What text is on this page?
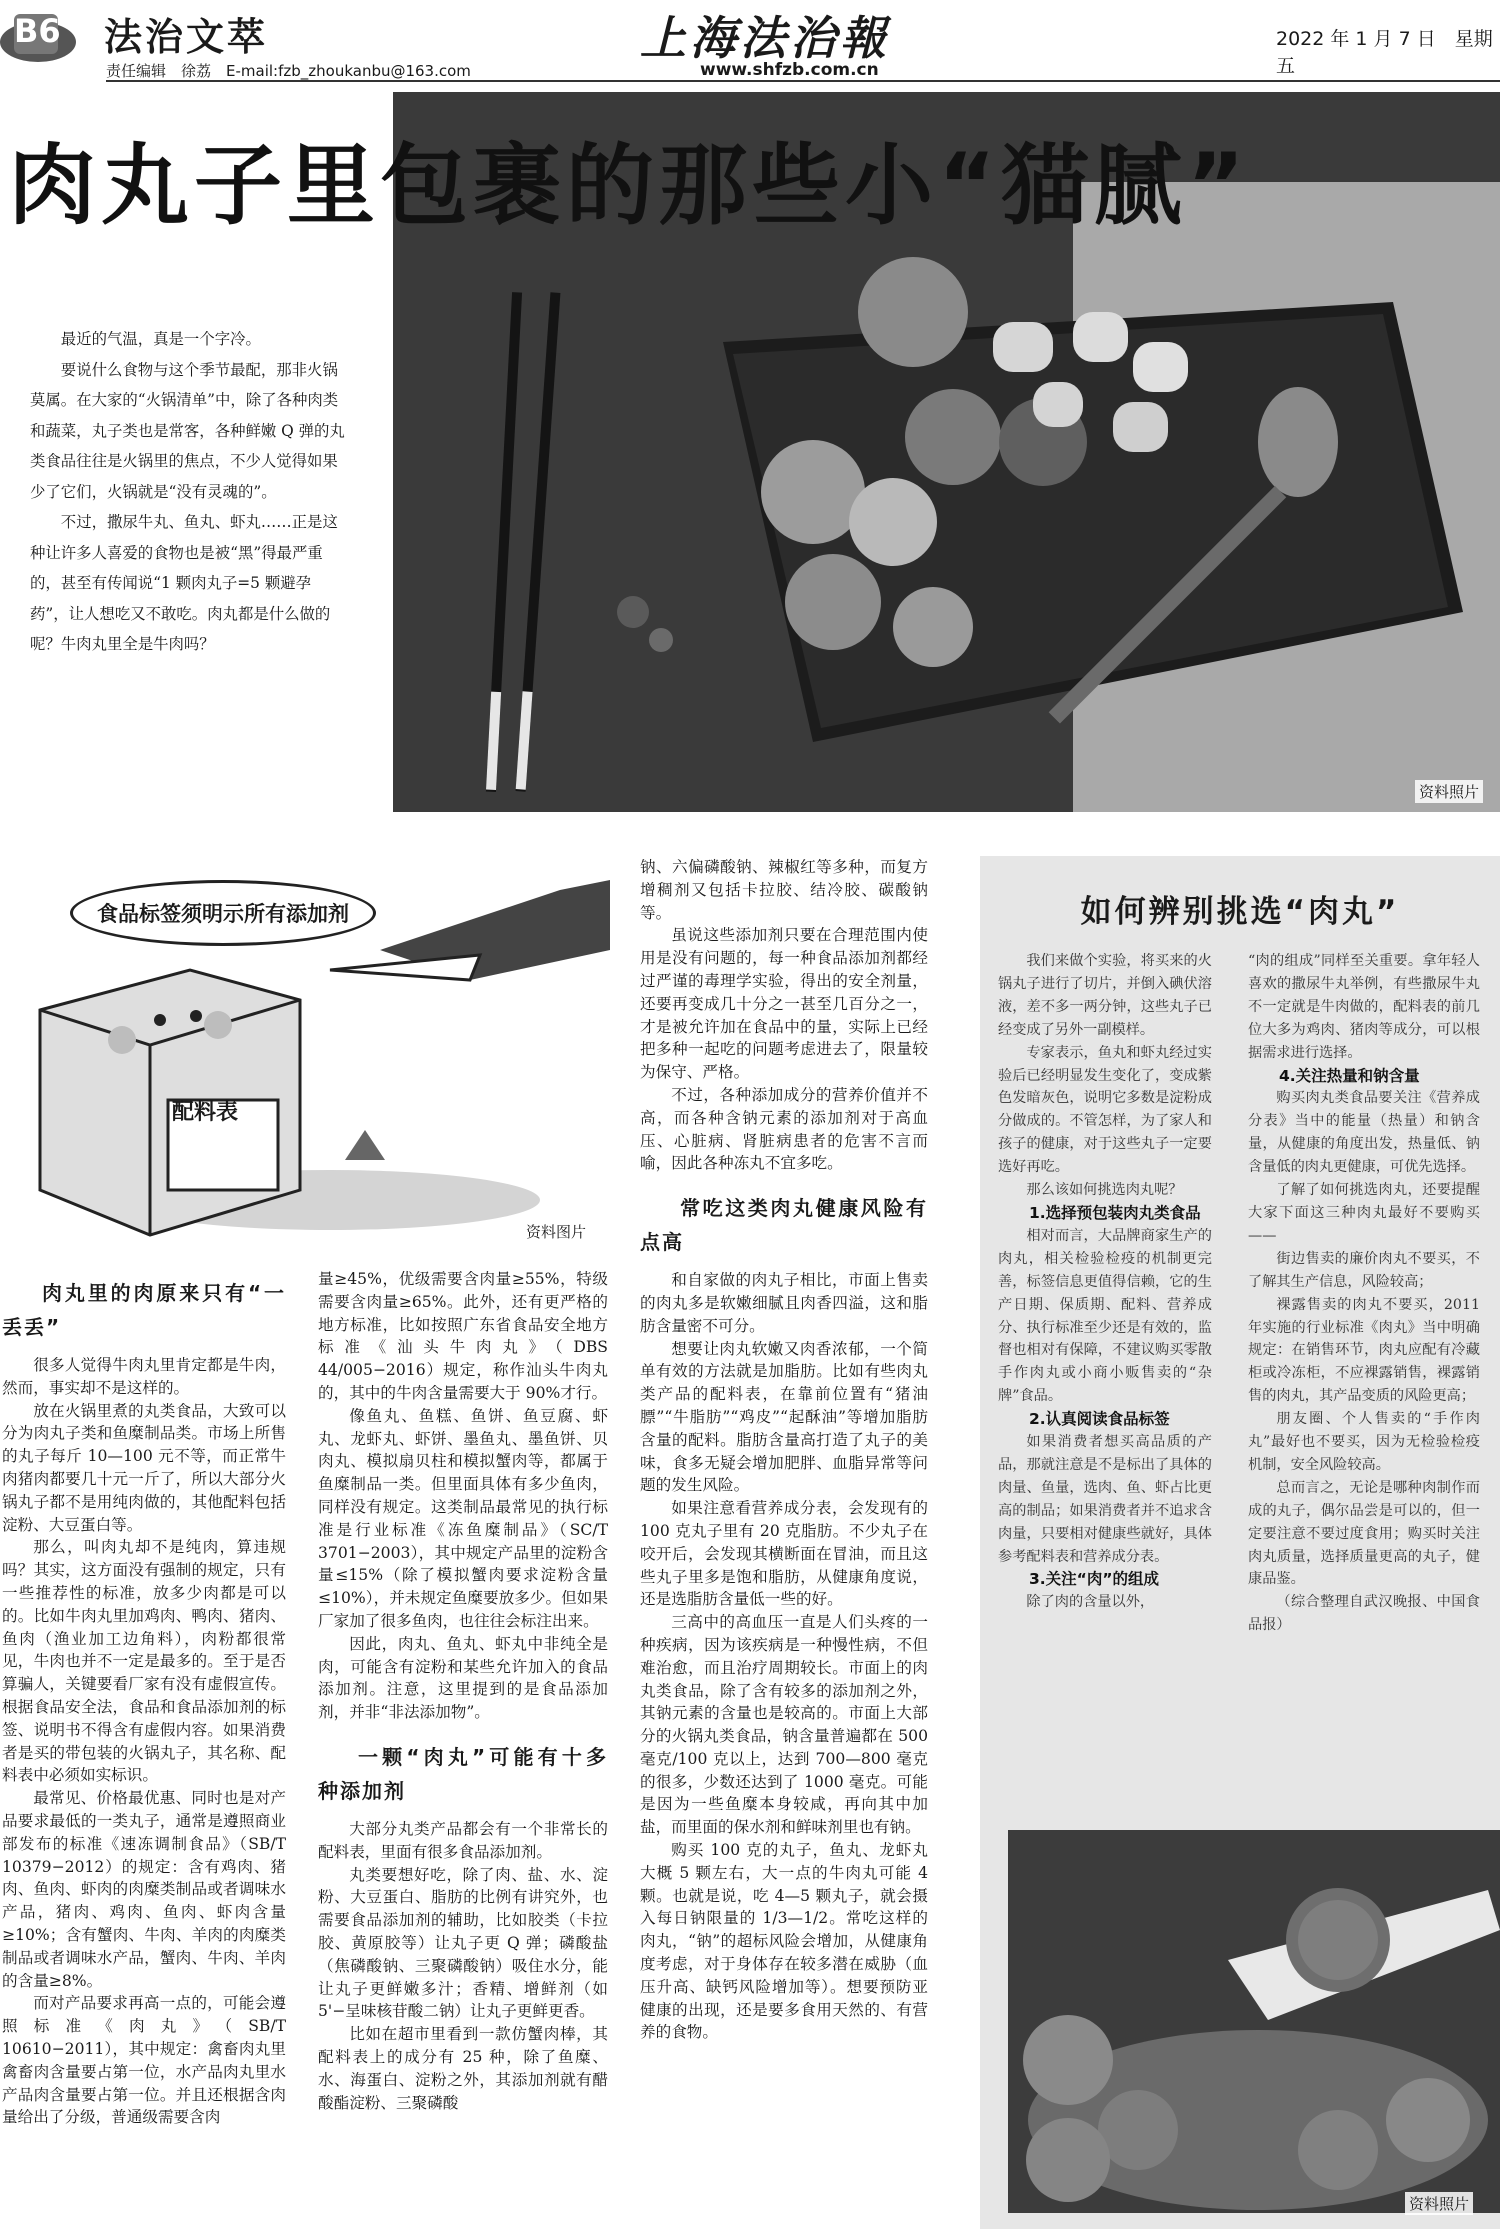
B6 法治文萃
责任编辑　徐荔　E-mail:fzb_zhoukanbu@163.com
上海法治報
www.shfzb.com.cn
2022 年 1 月 7 日　星期五
肉丸子里包裹的那些小“猫腻”
资料照片

最近的气温，真是一个字冷。

要说什么食物与这个季节最配，那非火锅莫属。在大家的“火锅清单”中，除了各种肉类和蔬菜，丸子类也是常客，各种鲜嫩 Q 弹的丸类食品往往是火锅里的焦点，不少人觉得如果少了它们，火锅就是“没有灵魂的”。

不过，撒尿牛丸、鱼丸、虾丸……正是这种让许多人喜爱的食物也是被“黑”得最严重的，甚至有传闻说“1 颗肉丸子=5 颗避孕药”，让人想吃又不敢吃。肉丸都是什么做的呢？牛肉丸里全是牛肉吗？

食品标签须明示所有添加剂
配料表
资料图片

肉丸里的肉原来只有“一丢丢”

很多人觉得牛肉丸里肯定都是牛肉，然而，事实却不是这样的。

放在火锅里煮的丸类食品，大致可以分为肉丸子类和鱼糜制品类。市场上所售的丸子每斤 10—100 元不等，而正常牛肉猪肉都要几十元一斤了，所以大部分火锅丸子都不是用纯肉做的，其他配料包括淀粉、大豆蛋白等。

那么，叫肉丸却不是纯肉，算违规吗？其实，这方面没有强制的规定，只有一些推荐性的标准，放多少肉都是可以的。比如牛肉丸里加鸡肉、鸭肉、猪肉、鱼肉（渔业加工边角料），肉粉都很常见，牛肉也并不一定是最多的。至于是否算骗人，关键要看厂家有没有虚假宣传。根据食品安全法，食品和食品添加剂的标签、说明书不得含有虚假内容。如果消费者是买的带包装的火锅丸子，其名称、配料表中必须如实标识。

最常见、价格最优惠、同时也是对产品要求最低的一类丸子，通常是遵照商业部发布的标准《速冻调制食品》（SB/T 10379−2012）的规定：含有鸡肉、猪肉、鱼肉、虾肉的肉糜类制品或者调味水产品，猪肉、鸡肉、鱼肉、虾肉含量≥10%；含有蟹肉、牛肉、羊肉的肉糜类制品或者调味水产品，蟹肉、牛肉、羊肉的含量≥8%。

而对产品要求再高一点的，可能会遵照标准《肉丸》（SB/T 10610−2011），其中规定：禽畜肉丸里禽畜肉含量要占第一位，水产品肉丸里水产品肉含量要占第一位。并且还根据含肉量给出了分级，普通级需要含肉

量≥45%，优级需要含肉量≥55%，特级需要含肉量≥65%。此外，还有更严格的地方标准，比如按照广东省食品安全地方标准《汕头牛肉丸》（DBS 44/005−2016）规定，称作汕头牛肉丸的，其中的牛肉含量需要大于 90%才行。

像鱼丸、鱼糕、鱼饼、鱼豆腐、虾丸、龙虾丸、虾饼、墨鱼丸、墨鱼饼、贝肉丸、模拟扇贝柱和模拟蟹肉等，都属于鱼糜制品一类。但里面具体有多少鱼肉，同样没有规定。这类制品最常见的执行标准是行业标准《冻鱼糜制品》（SC/T 3701−2003），其中规定产品里的淀粉含量≤15%（除了模拟蟹肉要求淀粉含量≤10%），并未规定鱼糜要放多少。但如果厂家加了很多鱼肉，也往往会标注出来。

因此，肉丸、鱼丸、虾丸中非纯全是肉，可能含有淀粉和某些允许加入的食品添加剂。注意，这里提到的是食品添加剂，并非“非法添加物”。

一颗“肉丸”可能有十多种添加剂

大部分丸类产品都会有一个非常长的配料表，里面有很多食品添加剂。

丸类要想好吃，除了肉、盐、水、淀粉、大豆蛋白、脂肪的比例有讲究外，也需要食品添加剂的辅助，比如胶类（卡拉胶、黄原胶等）让丸子更 Q 弹；磷酸盐（焦磷酸钠、三聚磷酸钠）吸住水分，能让丸子更鲜嫩多汁；香精、增鲜剂（如 5'−呈味核苷酸二钠）让丸子更鲜更香。

比如在超市里看到一款仿蟹肉棒，其配料表上的成分有 25 种，除了鱼糜、水、海蛋白、淀粉之外，其添加剂就有醋酸酯淀粉、三聚磷酸

钠、六偏磷酸钠、辣椒红等多种，而复方增稠剂又包括卡拉胶、结冷胶、碳酸钠等。

虽说这些添加剂只要在合理范围内使用是没有问题的，每一种食品添加剂都经过严谨的毒理学实验，得出的安全剂量，还要再变成几十分之一甚至几百分之一，才是被允许加在食品中的量，实际上已经把多种一起吃的问题考虑进去了，限量较为保守、严格。

不过，各种添加成分的营养价值并不高，而各种含钠元素的添加剂对于高血压、心脏病、肾脏病患者的危害不言而喻，因此各种冻丸不宜多吃。

常吃这类肉丸健康风险有点高

和自家做的肉丸子相比，市面上售卖的肉丸多是软嫩细腻且肉香四溢，这和脂肪含量密不可分。

想要让肉丸软嫩又肉香浓郁，一个简单有效的方法就是加脂肪。比如有些肉丸类产品的配料表，在靠前位置有“猪油膘”“牛脂肪”“鸡皮”“起酥油”等增加脂肪含量的配料。脂肪含量高打造了丸子的美味，食多无疑会增加肥胖、血脂异常等问题的发生风险。

如果注意看营养成分表，会发现有的 100 克丸子里有 20 克脂肪。不少丸子在咬开后，会发现其横断面在冒油，而且这些丸子里多是饱和脂肪，从健康角度说，还是选脂肪含量低一些的好。

三高中的高血压一直是人们头疼的一种疾病，因为该疾病是一种慢性病，不但难治愈，而且治疗周期较长。市面上的肉丸类食品，除了含有较多的添加剂之外，其钠元素的含量也是较高的。市面上大部分的火锅丸类食品，钠含量普遍都在 500 毫克/100 克以上，达到 700—800 毫克的很多，少数还达到了 1000 毫克。可能是因为一些鱼糜本身较咸，再向其中加盐，而里面的保水剂和鲜味剂里也有钠。

购买 100 克的丸子，鱼丸、龙虾丸大概 5 颗左右，大一点的牛肉丸可能 4 颗。也就是说，吃 4—5 颗丸子，就会摄入每日钠限量的 1/3—1/2。常吃这样的肉丸，“钠”的超标风险会增加，从健康角度考虑，对于身体存在较多潜在威胁（血压升高、缺钙风险增加等）。想要预防亚健康的出现，还是要多食用天然的、有营养的食物。

如何辨别挑选“肉丸”

我们来做个实验，将买来的火锅丸子进行了切片，并倒入碘伏溶液，差不多一两分钟，这些丸子已经变成了另外一副模样。

专家表示，鱼丸和虾丸经过实验后已经明显发生变化了，变成紫色发暗灰色，说明它多数是淀粉成分做成的。不管怎样，为了家人和孩子的健康，对于这些丸子一定要选好再吃。

那么该如何挑选肉丸呢？

1.选择预包装肉丸类食品

相对而言，大品牌商家生产的肉丸，相关检验检疫的机制更完善，标签信息更值得信赖，它的生产日期、保质期、配料、营养成分、执行标准至少还是有效的，监督也相对有保障，不建议购买零散手作肉丸或小商小贩售卖的“杂牌”食品。

2.认真阅读食品标签

如果消费者想买高品质的产品，那就注意是不是标出了具体的肉量、鱼量，选肉、鱼、虾占比更高的制品；如果消费者并不追求含肉量，只要相对健康些就好，具体参考配料表和营养成分表。

3.关注“肉”的组成

除了肉的含量以外，

“肉的组成”同样至关重要。拿年轻人喜欢的撒尿牛丸举例，有些撒尿牛丸不一定就是牛肉做的，配料表的前几位大多为鸡肉、猪肉等成分，可以根据需求进行选择。

4.关注热量和钠含量

购买肉丸类食品要关注《营养成分表》当中的能量（热量）和钠含量，从健康的角度出发，热量低、钠含量低的肉丸更健康，可优先选择。

了解了如何挑选肉丸，还要提醒大家下面这三种肉丸最好不要购买——

街边售卖的廉价肉丸不要买，不了解其生产信息，风险较高；

裸露售卖的肉丸不要买，2011 年实施的行业标准《肉丸》当中明确规定：在销售环节，肉丸应配有冷藏柜或冷冻柜，不应裸露销售，裸露销售的肉丸，其产品变质的风险更高；

朋友圈、个人售卖的“手作肉丸”最好也不要买，因为无检验检疫机制，安全风险较高。

总而言之，无论是哪种肉制作而成的丸子，偶尔品尝是可以的，但一定要注意不要过度食用；购买时关注肉丸质量，选择质量更高的丸子，健康品鉴。

（综合整理自武汉晚报、中国食品报）

资料照片
